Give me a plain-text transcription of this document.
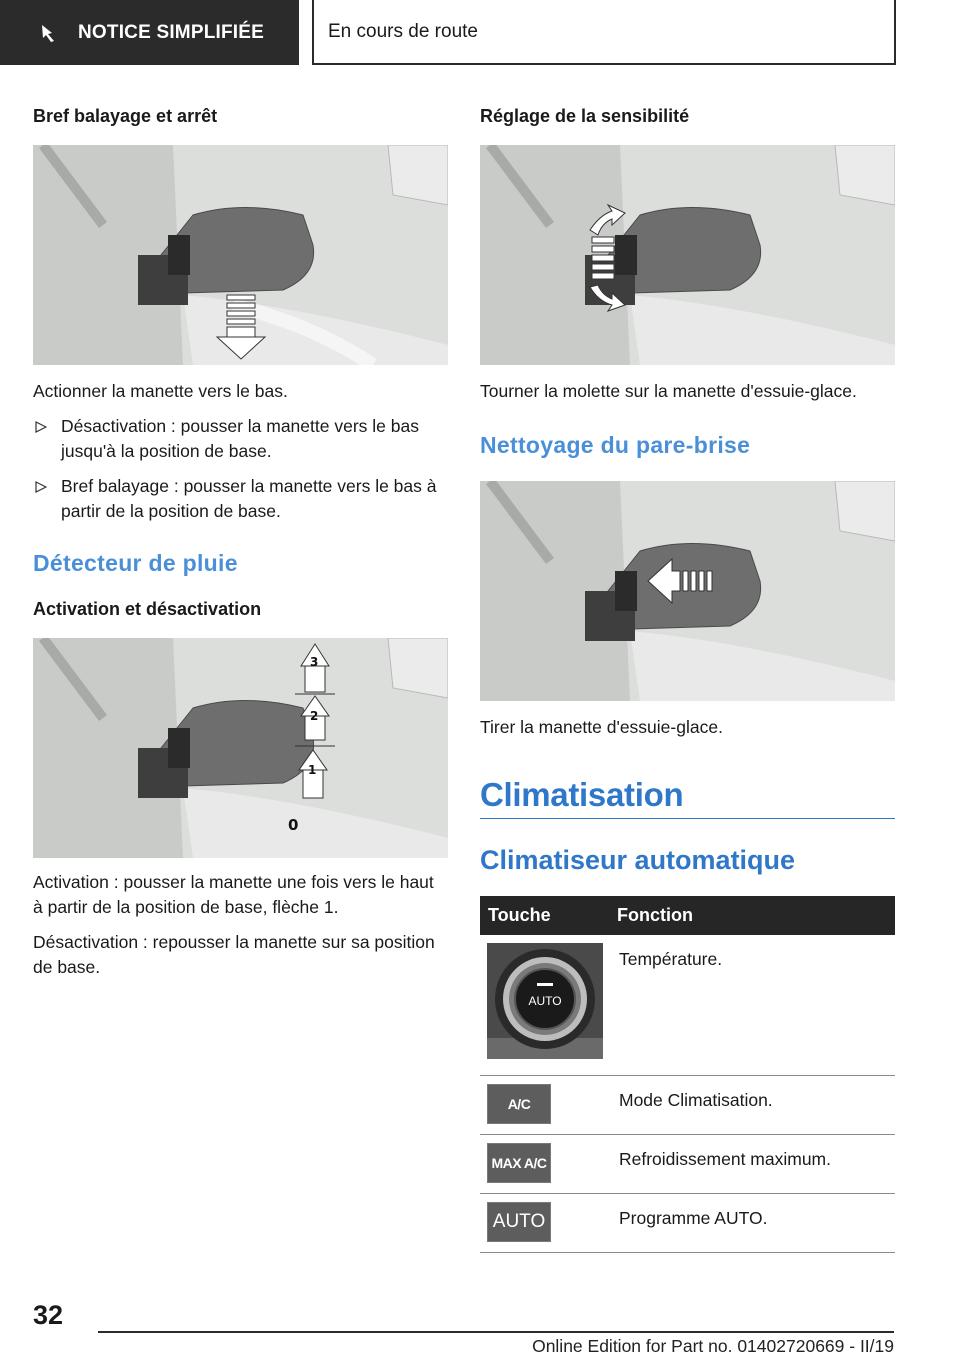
NOTICE SIMPLIFIÉE	En cours de route
Bref balayage et arrêt

Actionner la manette vers le bas.

Désactivation : pousser la manette vers le bas jusqu'à la position de base.
Bref balayage : pousser la manette vers le bas à partir de la position de base.
Détecteur de pluie
Activation et désactivation
3
2
1
0

Activation : pousser la manette une fois vers le haut à partir de la position de base, flèche 1.

Désactivation : repousser la manette sur sa position de base.

Réglage de la sensibilité

Tourner la molette sur la manette d'essuie-glace.

Nettoyage du pare-brise

Tirer la manette d'essuie-glace.

Climatisation
Climatiseur automatique
Touche	Fonction

AUTO	Température.
A/C	Mode Climatisation.
MAX A/C	Refroidissement maximum.
AUTO	Programme AUTO.
32
Online Edition for Part no. 01402720669 - II/19
